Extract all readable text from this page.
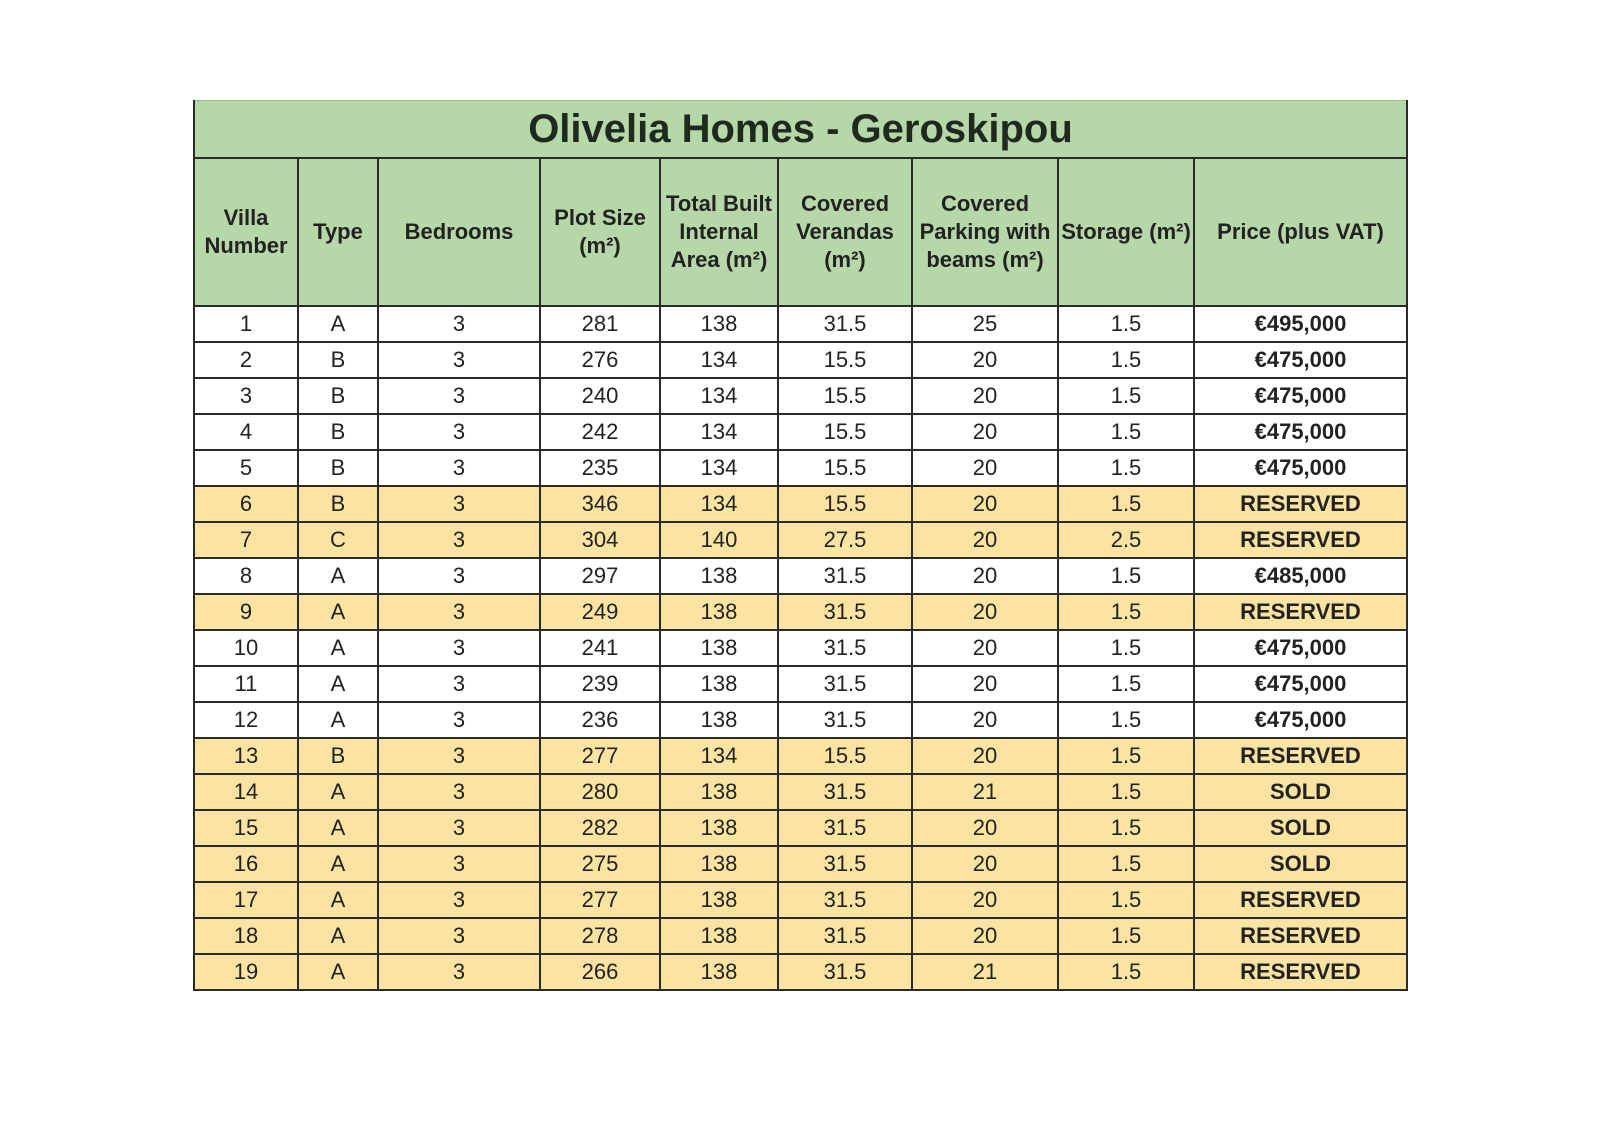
Olivelia Homes - Geroskipou								
Villa Number	Type	Bedrooms	Plot Size (m²)	Total Built Internal Area (m²)	Covered Verandas (m²)	Covered Parking with beams (m²)	Storage (m²)	Price (plus VAT)
1	A	3	281	138	31.5	25	1.5	€495,000
2	B	3	276	134	15.5	20	1.5	€475,000
3	B	3	240	134	15.5	20	1.5	€475,000
4	B	3	242	134	15.5	20	1.5	€475,000
5	B	3	235	134	15.5	20	1.5	€475,000
6	B	3	346	134	15.5	20	1.5	RESERVED
7	C	3	304	140	27.5	20	2.5	RESERVED
8	A	3	297	138	31.5	20	1.5	€485,000
9	A	3	249	138	31.5	20	1.5	RESERVED
10	A	3	241	138	31.5	20	1.5	€475,000
11	A	3	239	138	31.5	20	1.5	€475,000
12	A	3	236	138	31.5	20	1.5	€475,000
13	B	3	277	134	15.5	20	1.5	RESERVED
14	A	3	280	138	31.5	21	1.5	SOLD
15	A	3	282	138	31.5	20	1.5	SOLD
16	A	3	275	138	31.5	20	1.5	SOLD
17	A	3	277	138	31.5	20	1.5	RESERVED
18	A	3	278	138	31.5	20	1.5	RESERVED
19	A	3	266	138	31.5	21	1.5	RESERVED
